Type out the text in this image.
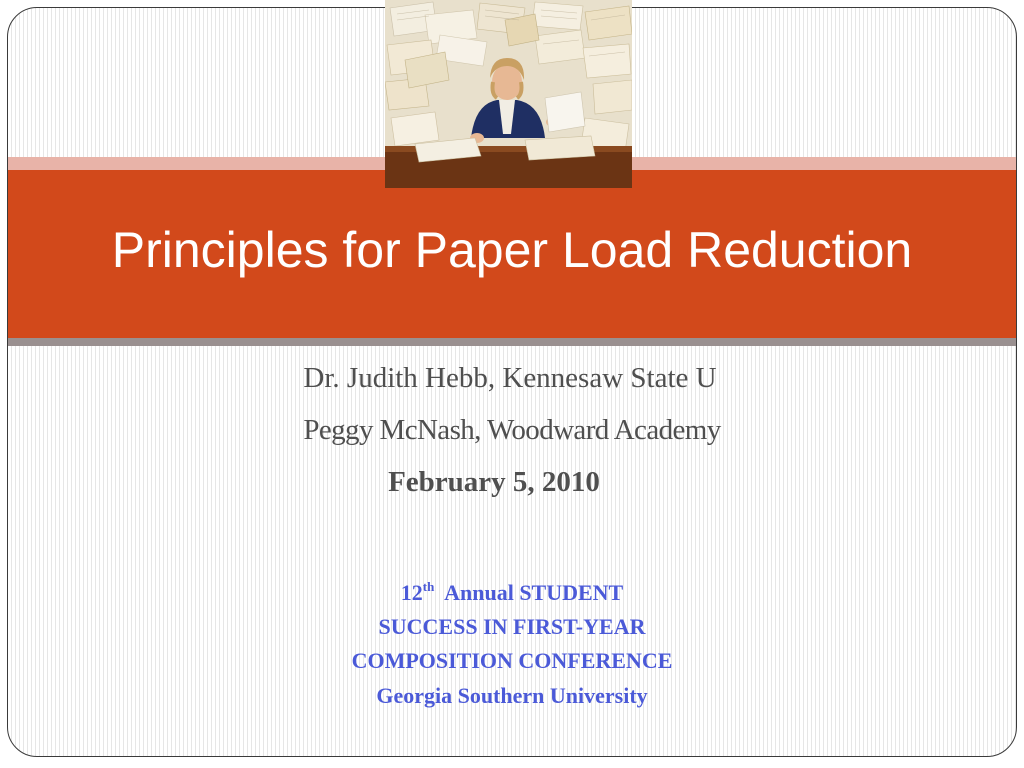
Principles for Paper Load Reduction
Dr. Judith Hebb, Kennesaw State U
Peggy McNash, Woodward Academy
February 5, 2010
12th Annual STUDENT
SUCCESS IN FIRST-YEAR
COMPOSITION CONFERENCE
Georgia Southern University
